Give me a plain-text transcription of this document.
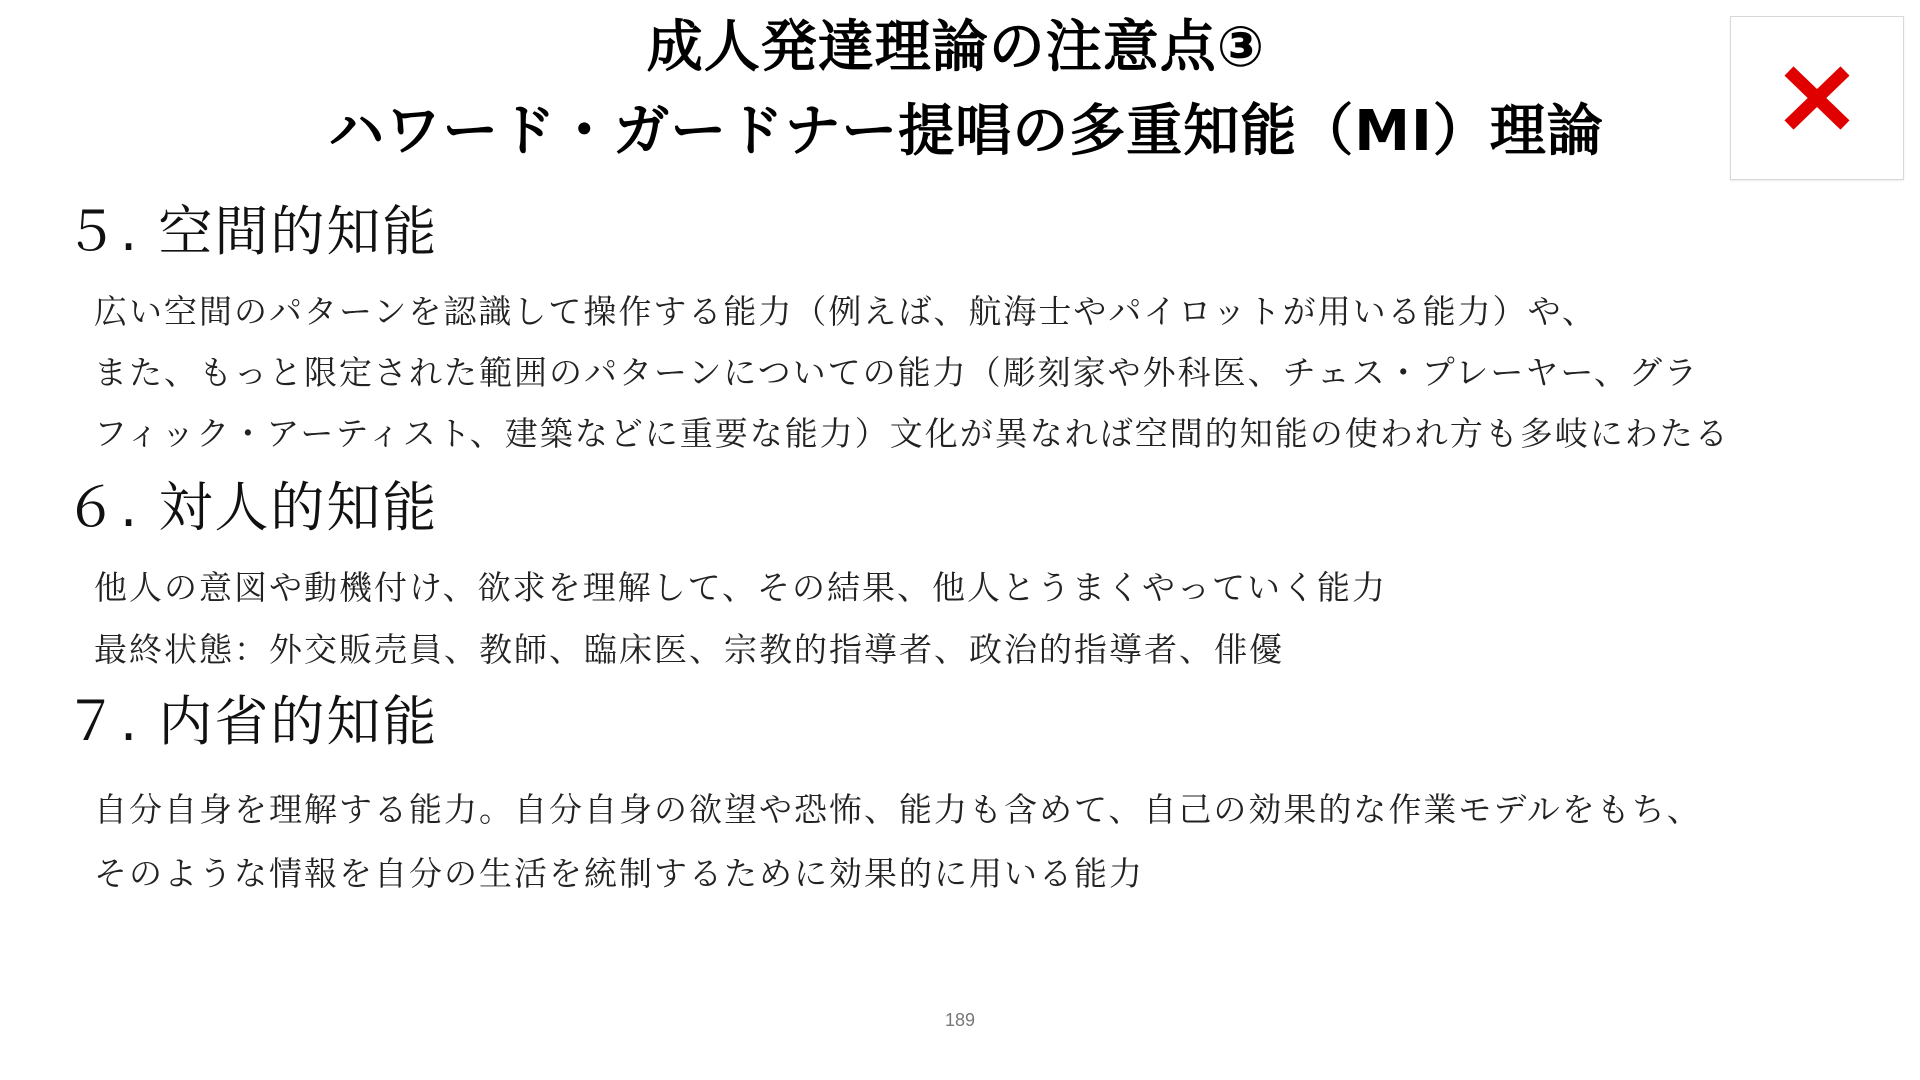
成人発達理論の注意点③
ハワード・ガードナー提唱の多重知能（MI）理論
５. 空間的知能
広い空間のパターンを認識して操作する能力（例えば、航海士やパイロットが用いる能力）や、
また、もっと限定された範囲のパターンについての能力（彫刻家や外科医、チェス・プレーヤー、グラ
フィック・アーティスト、建築などに重要な能力）文化が異なれば空間的知能の使われ方も多岐にわたる
６. 対人的知能
他人の意図や動機付け、欲求を理解して、その結果、他人とうまくやっていく能力
最終状態：外交販売員、教師、臨床医、宗教的指導者、政治的指導者、俳優
７. 内省的知能
自分自身を理解する能力。自分自身の欲望や恐怖、能力も含めて、自己の効果的な作業モデルをもち、
そのような情報を自分の生活を統制するために効果的に用いる能力
189
